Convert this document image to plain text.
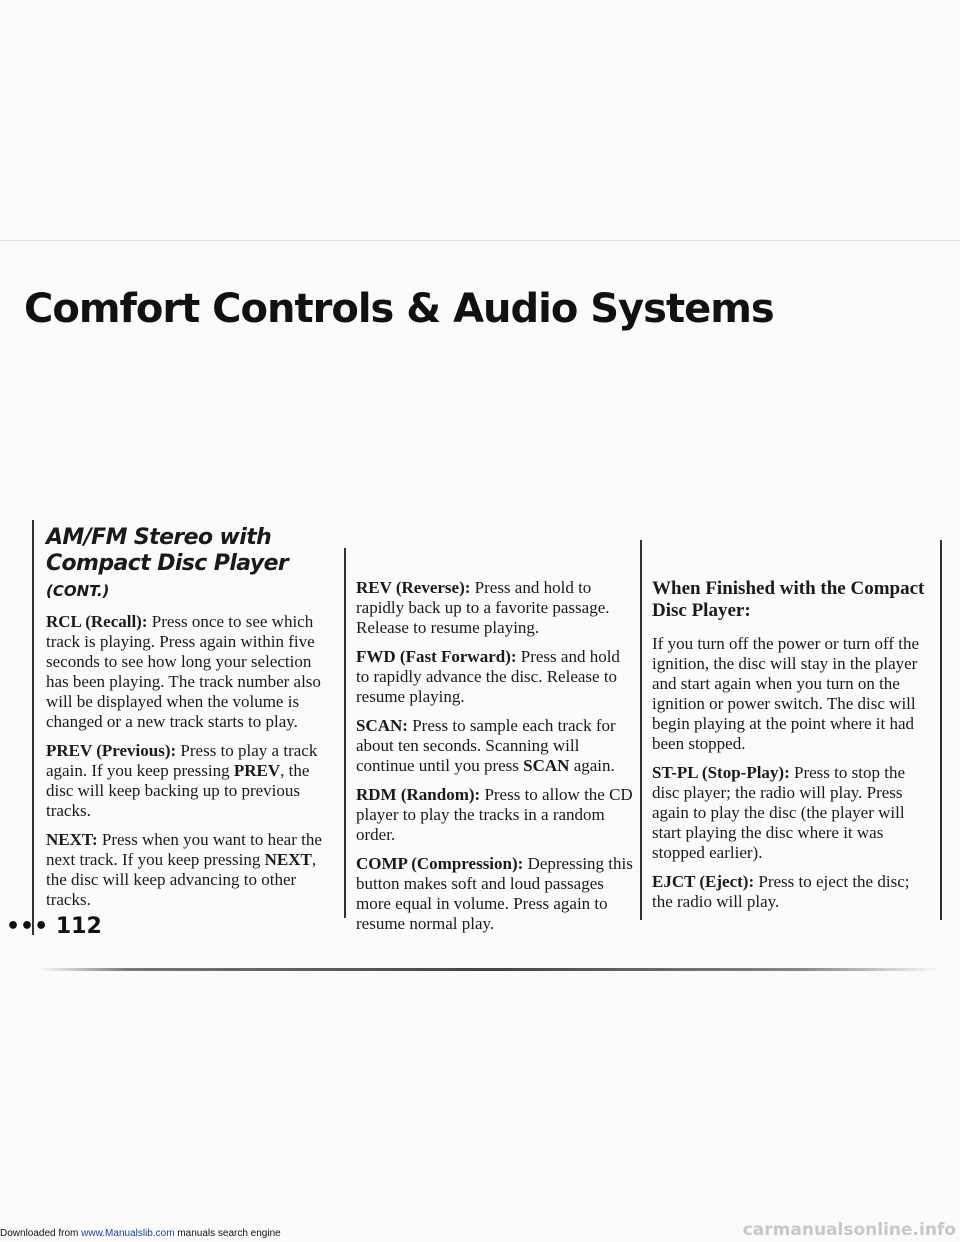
Comfort Controls & Audio Systems
AM/FM Stereo with Compact Disc Player (CONT.)

RCL (Recall): Press once to see which track is playing. Press again within five seconds to see how long your selection has been playing. The track number also will be displayed when the volume is changed or a new track starts to play.

PREV (Previous): Press to play a track again. If you keep pressing PREV, the disc will keep backing up to previous tracks.

NEXT: Press when you want to hear the next track. If you keep pressing NEXT, the disc will keep advancing to other tracks.

REV (Reverse): Press and hold to rapidly back up to a favorite passage. Release to resume playing.

FWD (Fast Forward): Press and hold to rapidly advance the disc. Release to resume playing.

SCAN: Press to sample each track for about ten seconds. Scanning will continue until you press SCAN again.

RDM (Random): Press to allow the CD player to play the tracks in a random order.

COMP (Compression): Depressing this button makes soft and loud passages more equal in volume. Press again to resume normal play.

When Finished with the Compact Disc Player:

If you turn off the power or turn off the ignition, the disc will stay in the player and start again when you turn on the ignition or power switch. The disc will begin playing at the point where it had been stopped.

ST-PL (Stop-Play): Press to stop the disc player; the radio will play. Press again to play the disc (the player will start playing the disc where it was stopped earlier).

EJCT (Eject): Press to eject the disc; the radio will play.

••• 112
Downloaded from www.Manualslib.com manuals search engine	carmanualsonline.info
